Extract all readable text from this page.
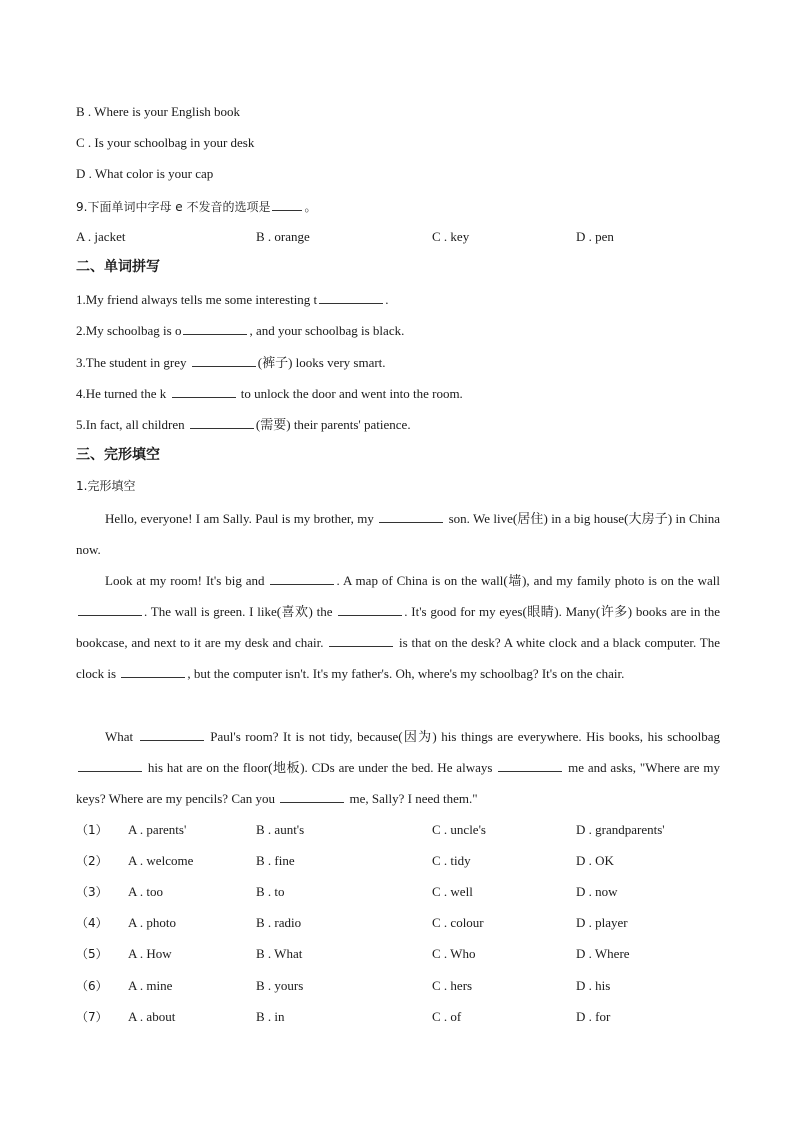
B . Where is your English book
C . Is your schoolbag in your desk
D . What color is your cap
9.下面单词中字母 e 不发音的选项是	。
A . jacket	B . orange	C . key	D . pen
二、单词拼写
1.My friend always tells me some interesting t	.
2.My schoolbag is o	, and your schoolbag is black.
3.The student in grey	(裤子) looks very smart.
4.He turned the k	to unlock the door and went into the room.
5.In fact, all children	(需要) their parents' patience.
三、完形填空
1.完形填空
Hello, everyone! I am Sally. Paul is my brother, my	son. We live(居住) in a big house(大房子) in China now.
Look at my room! It's big and	. A map of China is on the wall(墙), and my family photo is on the wall . The wall is green. I like(喜欢) the	. It's good for my eyes(眼睛). Many(许多) books are in the bookcase, and next to it are my desk and chair.	is that on the desk? A white clock and a black computer. The clock is	, but the computer isn't. It's my father's. Oh, where's my schoolbag? It's on the chair.
What	Paul's room? It is not tidy, because(因为) his things are everywhere. His books, his schoolbag  his hat are on the floor(地板). CDs are under the bed. He always	me and asks, "Where are my keys? Where are my pencils? Can you	me, Sally? I need them."
（1） A . parents'	B . aunt's	C . uncle's	D . grandparents'
（2） A . welcome	B . fine	C . tidy	D . OK
（3） A . too	B . to	C . well	D . now
（4） A . photo	B . radio	C . colour	D . player
（5） A . How	B . What	C . Who	D . Where
（6） A . mine	B . yours	C . hers	D . his
（7） A . about	B . in	C . of	D . for
